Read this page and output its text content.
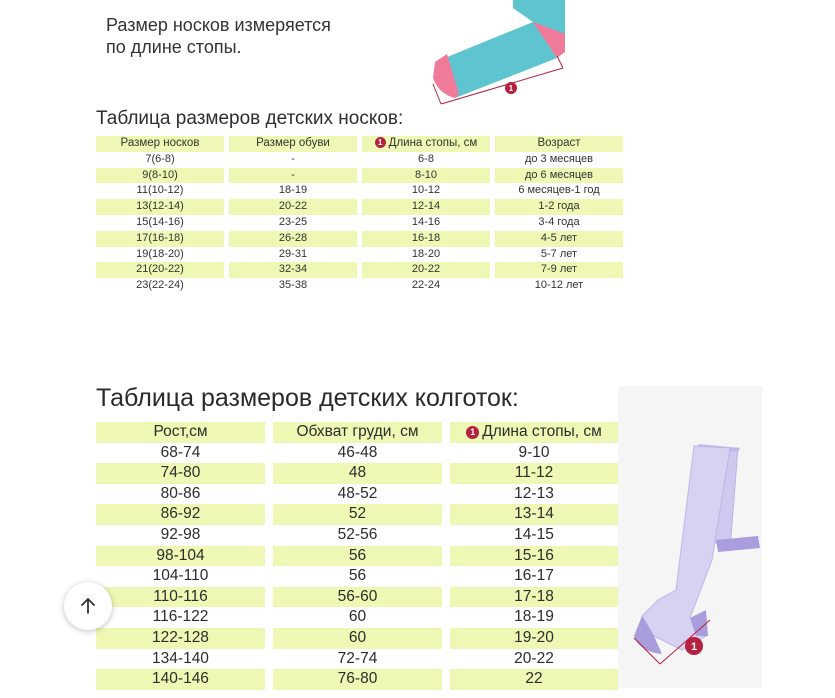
Размер носков измеряется
по длине стопы.
1
Таблица размеров детских носков:
Размер носков	Размер обуви	1 Длина стопы, см	Возраст
7(6-8)	-	6-8	до 3 месяцев
9(8-10)	-	8-10	до 6 месяцев
11(10-12)	18-19	10-12	6 месяцев-1 год
13(12-14)	20-22	12-14	1-2 года
15(14-16)	23-25	14-16	3-4 года
17(16-18)	26-28	16-18	4-5 лет
19(18-20)	29-31	18-20	5-7 лет
21(20-22)	32-34	20-22	7-9 лет
23(22-24)	35-38	22-24	10-12 лет
Таблица размеров детских колготок:
1
Рост,см	Обхват груди, см	1 Длина стопы, см
68-74	46-48	9-10
74-80	48	11-12
80-86	48-52	12-13
86-92	52	13-14
92-98	52-56	14-15
98-104	56	15-16
104-110	56	16-17
110-116	56-60	17-18
116-122	60	18-19
122-128	60	19-20
134-140	72-74	20-22
140-146	76-80	22
